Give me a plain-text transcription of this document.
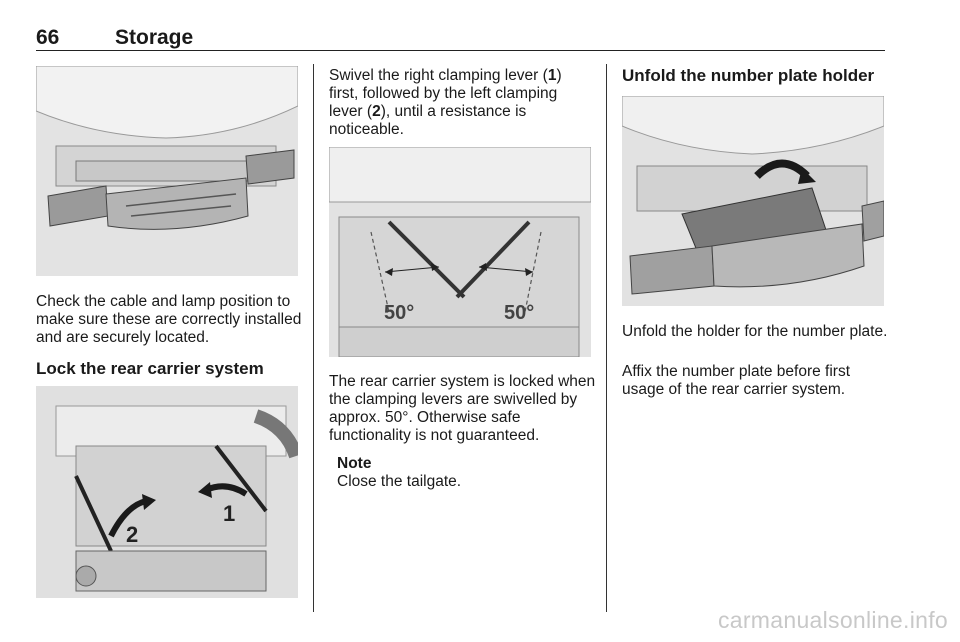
66	Storage
Check the cable and lamp position to make sure these are correctly installed and are securely located.
Lock the rear carrier system
1
2
Swivel the right clamping lever (1) first, followed by the left clamping lever (2), until a resistance is noticeable.
50°	50°
The rear carrier system is locked when the clamping levers are swivelled by approx. 50°. Otherwise safe functionality is not guaranteed.
Note
Close the tailgate.
Unfold the number plate holder
Unfold the holder for the number plate.
Affix the number plate before first usage of the rear carrier system.
carmanualsonline.info
